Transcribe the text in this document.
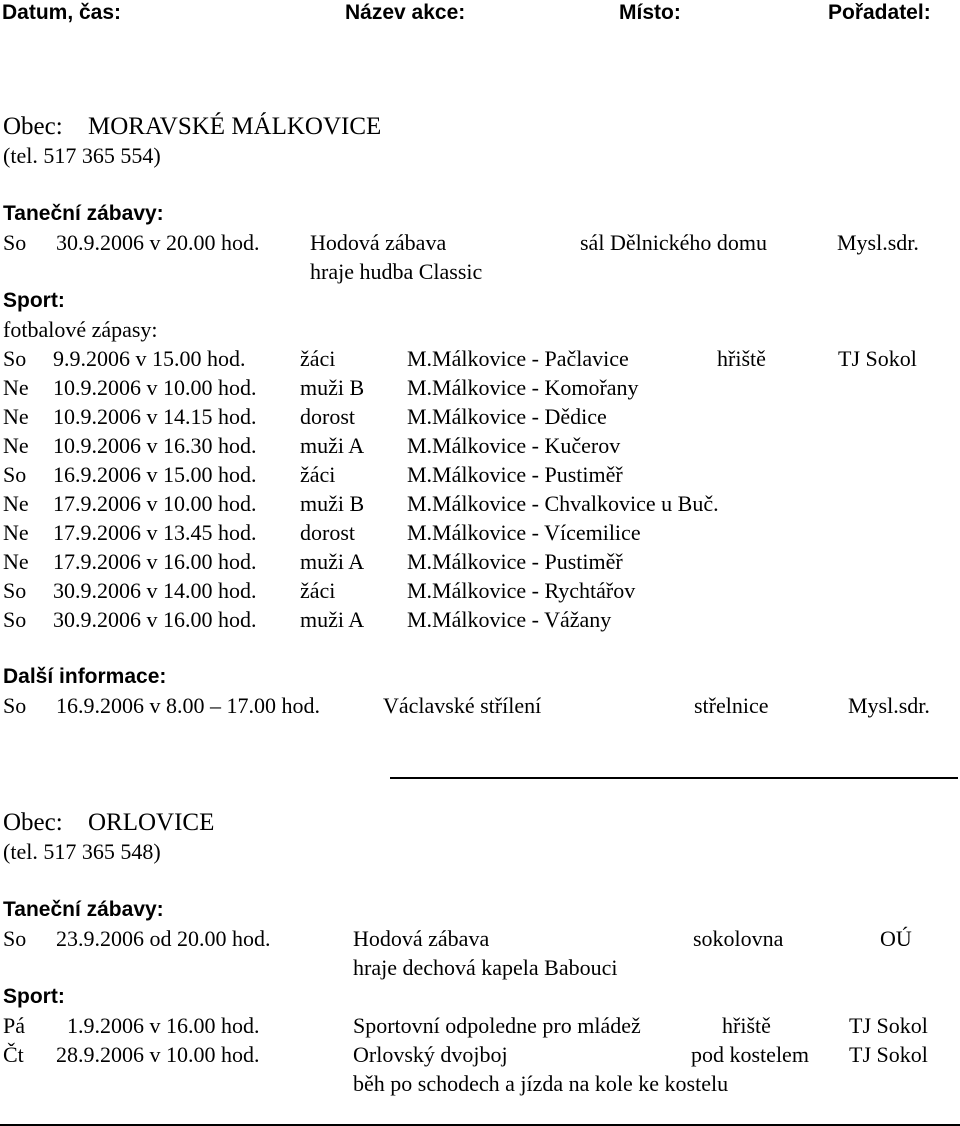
Datum, čas:	Název akce:	Místo:	Pořadatel:
Obec: MORAVSKÉ MÁLKOVICE
(tel. 517 365 554)
Taneční zábavy:
So 30.9.2006 v 20.00 hod. Hodová zábava	sál Dělnického domu	Mysl.sdr.
hraje hudba Classic
Sport:
fotbalové zápasy:
So 9.9.2006 v 15.00 hod. žáci	M.Málkovice - Pačlavice	hřiště	TJ Sokol
Ne 10.9.2006 v 10.00 hod. muži B M.Málkovice - Komořany
Ne 10.9.2006 v 14.15 hod. dorost M.Málkovice - Dědice
Ne 10.9.2006 v 16.30 hod. muži A M.Málkovice - Kučerov
So 16.9.2006 v 15.00 hod. žáci	M.Málkovice - Pustiměř
Ne 17.9.2006 v 10.00 hod. muži B M.Málkovice - Chvalkovice u Buč.
Ne 17.9.2006 v 13.45 hod. dorost M.Málkovice - Vícemilice
Ne 17.9.2006 v 16.00 hod. muži A M.Málkovice - Pustiměř
So 30.9.2006 v 14.00 hod. žáci	M.Málkovice - Rychtářov
So 30.9.2006 v 16.00 hod. muži A M.Málkovice - Vážany
Další informace:
So 16.9.2006 v 8.00 – 17.00 hod.	Václavské střílení	střelnice	Mysl.sdr.
Obec: ORLOVICE
(tel. 517 365 548)
Taneční zábavy:
So 23.9.2006 od 20.00 hod.	Hodová zábava	sokolovna	OÚ
hraje dechová kapela Babouci
Sport:
Pá 1.9.2006 v 16.00 hod.	Sportovní odpoledne pro mládež	hřiště	TJ Sokol
Čt 28.9.2006 v 10.00 hod.	Orlovský dvojboj	pod kostelem TJ Sokol
běh po schodech a jízda na kole ke kostelu
